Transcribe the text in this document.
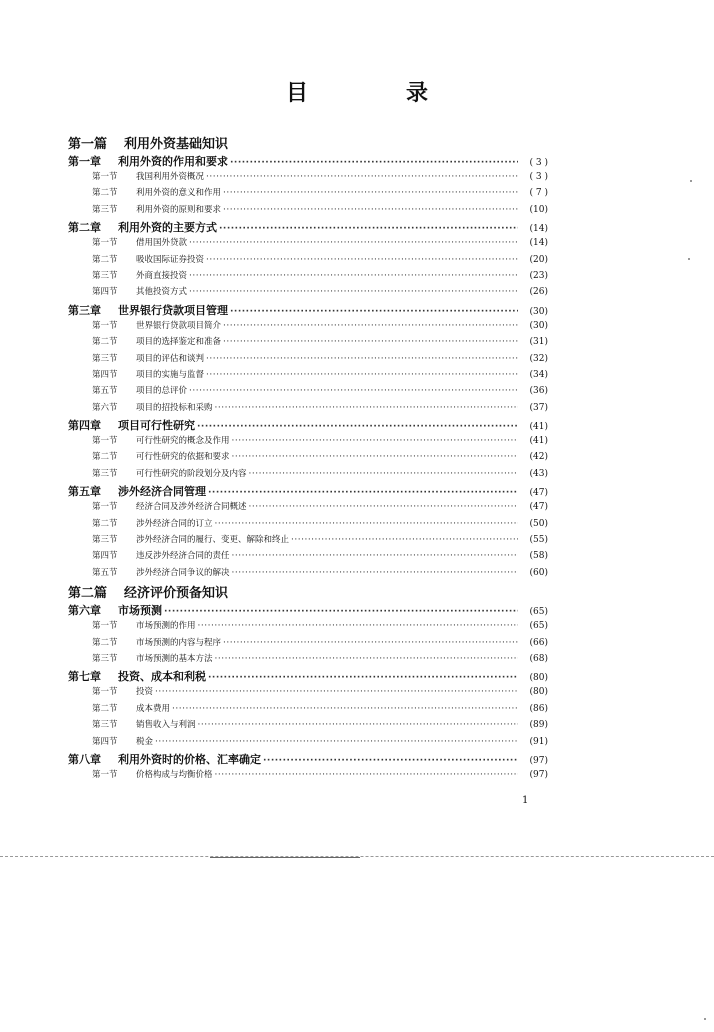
目　录
第一篇	利用外资基础知识
第一章	利用外资的作用和要求 ·····	( 3 )
第一节	我国利用外资概况 ·····	( 3 )
第二节	利用外资的意义和作用 ·····	( 7 )
第三节	利用外资的原则和要求 ·····	(10)
第二章	利用外资的主要方式 ·····	(14)
第一节	借用国外贷款 ·····	(14)
第二节	吸收国际证券投资 ·····	(20)
第三节	外商直接投资 ·····	(23)
第四节	其他投资方式 ·····	(26)
第三章	世界银行贷款项目管理 ·····	(30)
第一节	世界银行贷款项目简介 ·····	(30)
第二节	项目的选择鉴定和准备 ·····	(31)
第三节	项目的评估和谈判 ·····	(32)
第四节	项目的实施与监督 ·····	(34)
第五节	项目的总评价 ·····	(36)
第六节	项目的招投标和采购 ·····	(37)
第四章	项目可行性研究 ·····	(41)
第一节	可行性研究的概念及作用 ·····	(41)
第二节	可行性研究的依据和要求 ·····	(42)
第三节	可行性研究的阶段划分及内容 ·····	(43)
第五章	涉外经济合同管理 ·····	(47)
第一节	经济合同及涉外经济合同概述 ·····	(47)
第二节	涉外经济合同的订立 ·····	(50)
第三节	涉外经济合同的履行、变更、解除和终止 ·····	(55)
第四节	违反涉外经济合同的责任 ·····	(58)
第五节	涉外经济合同争议的解决 ·····	(60)
第二篇	经济评价预备知识
第六章	市场预测 ·····	(65)
第一节	市场预测的作用 ·····	(65)
第二节	市场预测的内容与程序 ·····	(66)
第三节	市场预测的基本方法 ·····	(68)
第七章	投资、成本和利税 ·····	(80)
第一节	投资 ·····	(80)
第二节	成本费用 ·····	(86)
第三节	销售收入与利润 ·····	(89)
第四节	税金 ·····	(91)
第八章	利用外资时的价格、汇率确定 ·····	(97)
第一节	价格构成与均衡价格 ·····	(97)
1
